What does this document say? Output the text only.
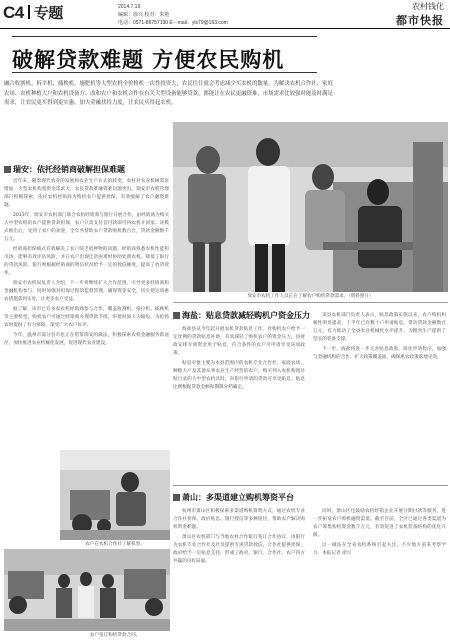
C4 专题	2014.7.19
编辑：徐兴 校对：朱艳
电话：0571-86757190 E－mail：yls79@163.com
农村钱化
都市快报
破解贷款难题 方便农民购机
融合收割机、拆平机、插秧机、施肥机等大型农机全价格机一次性投资大，农民往往就会考虑减少买农机的数量。为解决农机合作社、家庭农场、农机种植大户和农机设备方、改和农户和农机合作在有关大型设备能够贷款，都能让在农民更融资难，市场需求比较强时能及时满足需求，让农民更买得到更实惠，加大金融扶持力度，让农民买得起农机。
瑞安市农机工作人员正在了解农户购机贷款需求。（资料照片）
瑞安：依托经销商破解担保难题

近年来，随着现代农业的发展和农业生产方式的转变，农村对农业机械需求增加，大型农机购置资金需求大，农民贷款难融资难问题突出。瑞安市农机管理部门积极探索，依托农机经销商为购机农户提供担保，有效缓解了农户融资难题。

2013年，瑞安市农机部门联合农机经销商与银行开展合作，由经销商为购买大中型农机的农户提供贷款担保，农户只需支付首付款即可将农机开回家。该模式推出后，受到了农户的欢迎，全年共帮助农户贷款购机数百台，贷款金额数千万元。

经销商担保模式有效解决了农户缺乏抵押物的问题。经销商熟悉农机性能和市场，能够有效评估风险，并在农户出现还款困难时协助处置农机，降低了银行的贷款风险。银行则根据经销商的资信状况给予一定的授信额度，提高了放贷效率。

瑞安市农机局负责人介绍，下一步将继续扩大合作范围，引导更多经销商和金融机构参与，同时加强对担保过程的监督管理，确保资金安全，切实把这项惠农措施落到实处，让更多农户受益。

据了解，该市已有多家农机经销商参与合作，覆盖收割机、拖拉机、插秧机等主要机型，购机农户可通过经销商办理贷款手续，审批时间大为缩短，为抢抓农时提供了有力保障，深受广大农户好评。

今年，温州市部分县市也正在借鉴瑞安的做法，积极探索农机金融服务新途径，加快推进农业机械化发展，促进现代农业建设。

农户在农机合作社了解机型。
农户签订购机贷款合同。
海盐：贴息贷款减轻购机户资金压力

海盐县从今年起开展农机贷款贴息工作，对购机农户给予一定比例的贷款贴息补助，有效减轻了购机农户的资金压力。县财政安排专项资金用于贴息，符合条件的农户可申请享受该项政策。

贴息对象主要为本县范围内的农机专业合作社、家庭农场、种粮大户及其他从事农业生产经营的农户，购买列入农机购置补贴目录的大中型农机具时，向银行申请的贷款可享受贴息。贴息比例根据贷款金额和期限分档确定。

该县农机部门负责人表示，贴息政策实施以来，农户购机积极性明显提高，上半年已有数十户申请贴息，带动贷款金额数百万元，有力推动了全县农业机械化水平提升，为粮食生产提供了坚实的装备支撑。

下一步，海盐将进一步完善贴息政策，简化申请程序，加强与金融机构的合作，扩大政策覆盖面，确保惠农政策落地见效。

萧山：多渠道建立购机筹资平台

杭州市萧山区积极探索多渠道购机筹资方式，通过农机专业合作社担保、政府贴息、银行授信等多种途径，帮助农户解决购机资金难题。

萧山区农机部门与当地农村合作银行签订合作协议，由银行为农机专业合作社及社员提供专项贷款授信，合作社提供担保，政府给予一定贴息支持，形成了政府、银行、合作社、农户四方共赢的良好局面。

同时，萧山区还鼓励农机经销企业开展分期付款等服务，进一步拓宽农户购机融资渠道。截至目前，全区已通过各类渠道为农户筹集购机资金数千万元，有效促进了农机装备结构的优化升级。

这一做法在全省农机系统引起关注，不少地方前来考察学习。本报记者 徐兴
